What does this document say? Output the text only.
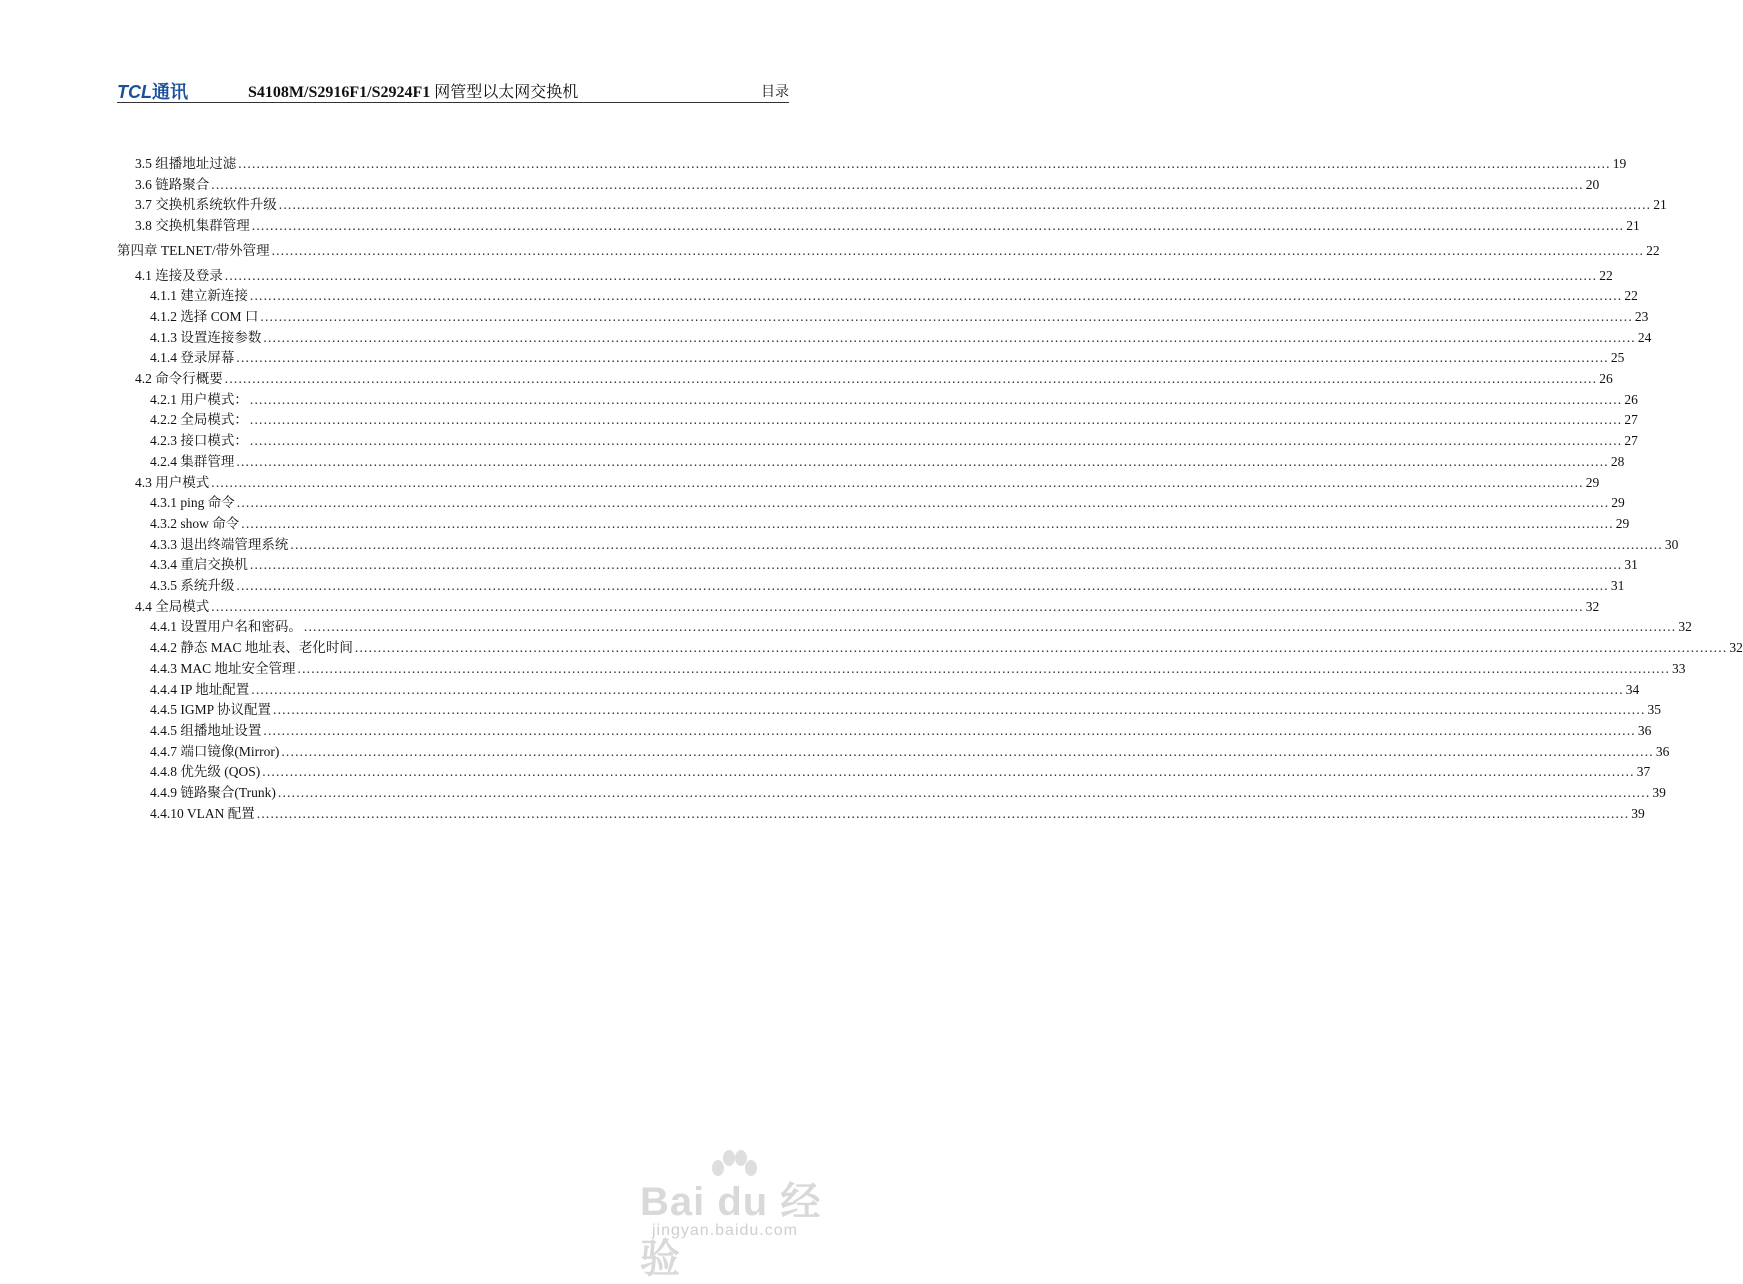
TCL通讯	S4108M/S2916F1/S2924F1 网管型以太网交换机	目录
3.5 组播地址过滤 ............................................................................................................................................................................................................................................................................................................ 19
3.6 链路聚合 ............................................................................................................................................................................................................................................................................................................ 20
3.7 交换机系统软件升级 ............................................................................................................................................................................................................................................................................................................ 21
3.8 交换机集群管理 ............................................................................................................................................................................................................................................................................................................ 21
第四章 TELNET/带外管理 ............................................................................................................................................................................................................................................................................................................ 22
4.1 连接及登录 ............................................................................................................................................................................................................................................................................................................ 22
4.1.1 建立新连接 ............................................................................................................................................................................................................................................................................................................ 22
4.1.2 选择 COM 口 ............................................................................................................................................................................................................................................................................................................ 23
4.1.3 设置连接参数 ............................................................................................................................................................................................................................................................................................................ 24
4.1.4 登录屏幕 ............................................................................................................................................................................................................................................................................................................ 25
4.2 命令行概要 ............................................................................................................................................................................................................................................................................................................ 26
4.2.1 用户模式： ............................................................................................................................................................................................................................................................................................................ 26
4.2.2 全局模式： ............................................................................................................................................................................................................................................................................................................ 27
4.2.3 接口模式： ............................................................................................................................................................................................................................................................................................................ 27
4.2.4 集群管理 ............................................................................................................................................................................................................................................................................................................ 28
4.3 用户模式 ............................................................................................................................................................................................................................................................................................................ 29
4.3.1 ping 命令 ............................................................................................................................................................................................................................................................................................................ 29
4.3.2 show 命令 ............................................................................................................................................................................................................................................................................................................ 29
4.3.3 退出终端管理系统 ............................................................................................................................................................................................................................................................................................................ 30
4.3.4 重启交换机 ............................................................................................................................................................................................................................................................................................................ 31
4.3.5 系统升级 ............................................................................................................................................................................................................................................................................................................ 31
4.4 全局模式 ............................................................................................................................................................................................................................................................................................................ 32
4.4.1 设置用户名和密码。 ............................................................................................................................................................................................................................................................................................................ 32
4.4.2 静态 MAC 地址表、老化时间 ............................................................................................................................................................................................................................................................................................................ 32
4.4.3 MAC 地址安全管理 ............................................................................................................................................................................................................................................................................................................ 33
4.4.4 IP 地址配置 ............................................................................................................................................................................................................................................................................................................ 34
4.4.5 IGMP 协议配置 ............................................................................................................................................................................................................................................................................................................ 35
4.4.5 组播地址设置 ............................................................................................................................................................................................................................................................................................................ 36
4.4.7 端口镜像(Mirror) ............................................................................................................................................................................................................................................................................................................ 36
4.4.8 优先级 (QOS) ............................................................................................................................................................................................................................................................................................................ 37
4.4.9 链路聚合(Trunk) ............................................................................................................................................................................................................................................................................................................ 39
4.4.10 VLAN 配置 ............................................................................................................................................................................................................................................................................................................ 39
Bai du 经验
jingyan.baidu.com
